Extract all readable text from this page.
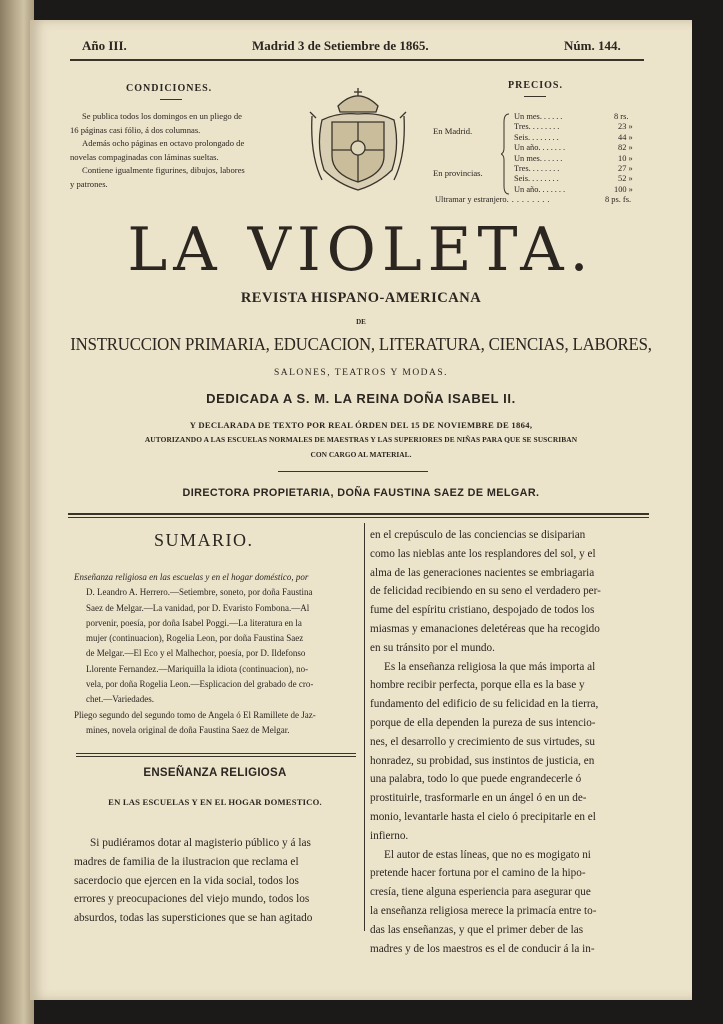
Año III.	Madrid 3 de Setiembre de 1865.	Núm. 144.
CONDICIONES.
Se publica todos los domingos en un pliego de
16 páginas casi fólio, á dos columnas.
Además ocho páginas en octavo prolongado de
novelas compaginadas con láminas sueltas.
Contiene igualmente figurines, dibujos, labores
y patrones.
PRECIOS.
En Madrid.
En provincias.
Un mes......	8 rs.
Tres........	23 »
Seis........	44 »
Un año.......	82 »
Un mes......	10 »
Tres........	27 »
Seis........	52 »
Un año.......	100 »
Ultramar y estranjero.........	8 ps. fs.
LA VIOLETA.
REVISTA HISPANO-AMERICANA
DE
INSTRUCCION PRIMARIA, EDUCACION, LITERATURA, CIENCIAS, LABORES,
SALONES, TEATROS Y MODAS.
DEDICADA A S. M. LA REINA DOÑA ISABEL II.
Y DECLARADA DE TEXTO POR REAL ÓRDEN DEL 15 DE NOVIEMBRE DE 1864,
AUTORIZANDO A LAS ESCUELAS NORMALES DE MAESTRAS Y LAS SUPERIORES DE NIÑAS PARA QUE SE SUSCRIBAN
CON CARGO AL MATERIAL.
DIRECTORA PROPIETARIA, DOÑA FAUSTINA SAEZ DE MELGAR.
SUMARIO.
Enseñanza religiosa en las escuelas y en el hogar doméstico, por
D. Leandro A. Herrero.—Setiembre, soneto, por doña Faustina
Saez de Melgar.—La vanidad, por D. Evaristo Fombona.—Al
porvenir, poesía, por doña Isabel Poggi.—La literatura en la
mujer (continuacion), Rogelia Leon, por doña Faustina Saez
de Melgar.—El Eco y el Malhechor, poesía, por D. Ildefonso
Llorente Fernandez.—Mariquilla la idiota (continuacion), no-
vela, por doña Rogelia Leon.—Esplicacion del grabado de cro-
chet.—Variedades.
Pliego segundo del segundo tomo de Angela ó El Ramillete de Jaz-
mines, novela original de doña Faustina Saez de Melgar.
ENSEÑANZA RELIGIOSA
EN LAS ESCUELAS Y EN EL HOGAR DOMESTICO.
Si pudiéramos dotar al magisterio público y á las
madres de familia de la ilustracion que reclama el
sacerdocio que ejercen en la vida social, todos los
errores y preocupaciones del viejo mundo, todos los
absurdos, todas las supersticiones que se han agitado
en el crepúsculo de las conciencias se disiparian
como las nieblas ante los resplandores del sol, y el
alma de las generaciones nacientes se embriagaria
de felicidad recibiendo en su seno el verdadero per-
fume del espíritu cristiano, despojado de todos los
miasmas y emanaciones deletéreas que ha recogido
en su tránsito por el mundo.
Es la enseñanza religiosa la que más importa al
hombre recibir perfecta, porque ella es la base y
fundamento del edificio de su felicidad en la tierra,
porque de ella dependen la pureza de sus intencio-
nes, el desarrollo y crecimiento de sus virtudes, su
honradez, su probidad, sus instintos de justicia, en
una palabra, todo lo que puede engrandecerle ó
prostituirle, trasformarle en un ángel ó en un de-
monio, levantarle hasta el cielo ó precipitarle en el
infierno.
El autor de estas líneas, que no es mogigato ni
pretende hacer fortuna por el camino de la hipo-
cresía, tiene alguna esperiencia para asegurar que
la enseñanza religiosa merece la primacía entre to-
das las enseñanzas, y que el primer deber de las
madres y de los maestros es el de conducir á la in-
